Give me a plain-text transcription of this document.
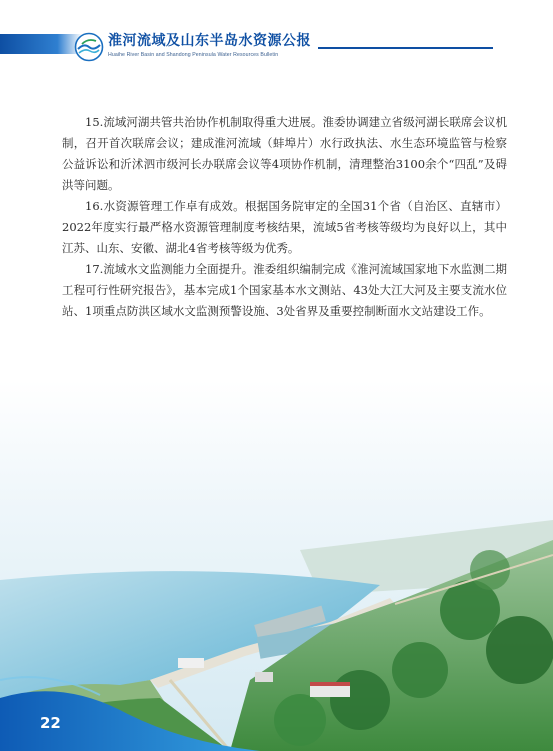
淮河流域及山东半岛水资源公报
Huaihe River Basin and Shandong Peninsula Water Resources Bulletin

15.流域河湖共管共治协作机制取得重大进展。淮委协调建立省级河湖长联席会议机制，召开首次联席会议；建成淮河流域（蚌埠片）水行政执法、水生态环境监管与检察公益诉讼和沂沭泗市级河长办联席会议等4项协作机制，清理整治3100余个“四乱”及碍洪等问题。

16.水资源管理工作卓有成效。根据国务院审定的全国31个省（自治区、直辖市）2022年度实行最严格水资源管理制度考核结果，流域5省考核等级均为良好以上，其中江苏、山东、安徽、湖北4省考核等级为优秀。

17.流域水文监测能力全面提升。淮委组织编制完成《淮河流域国家地下水监测二期工程可行性研究报告》，基本完成1个国家基本水文测站、43处大江大河及主要支流水位站、1项重点防洪区域水文监测预警设施、3处省界及重要控制断面水文站建设工作。

22
